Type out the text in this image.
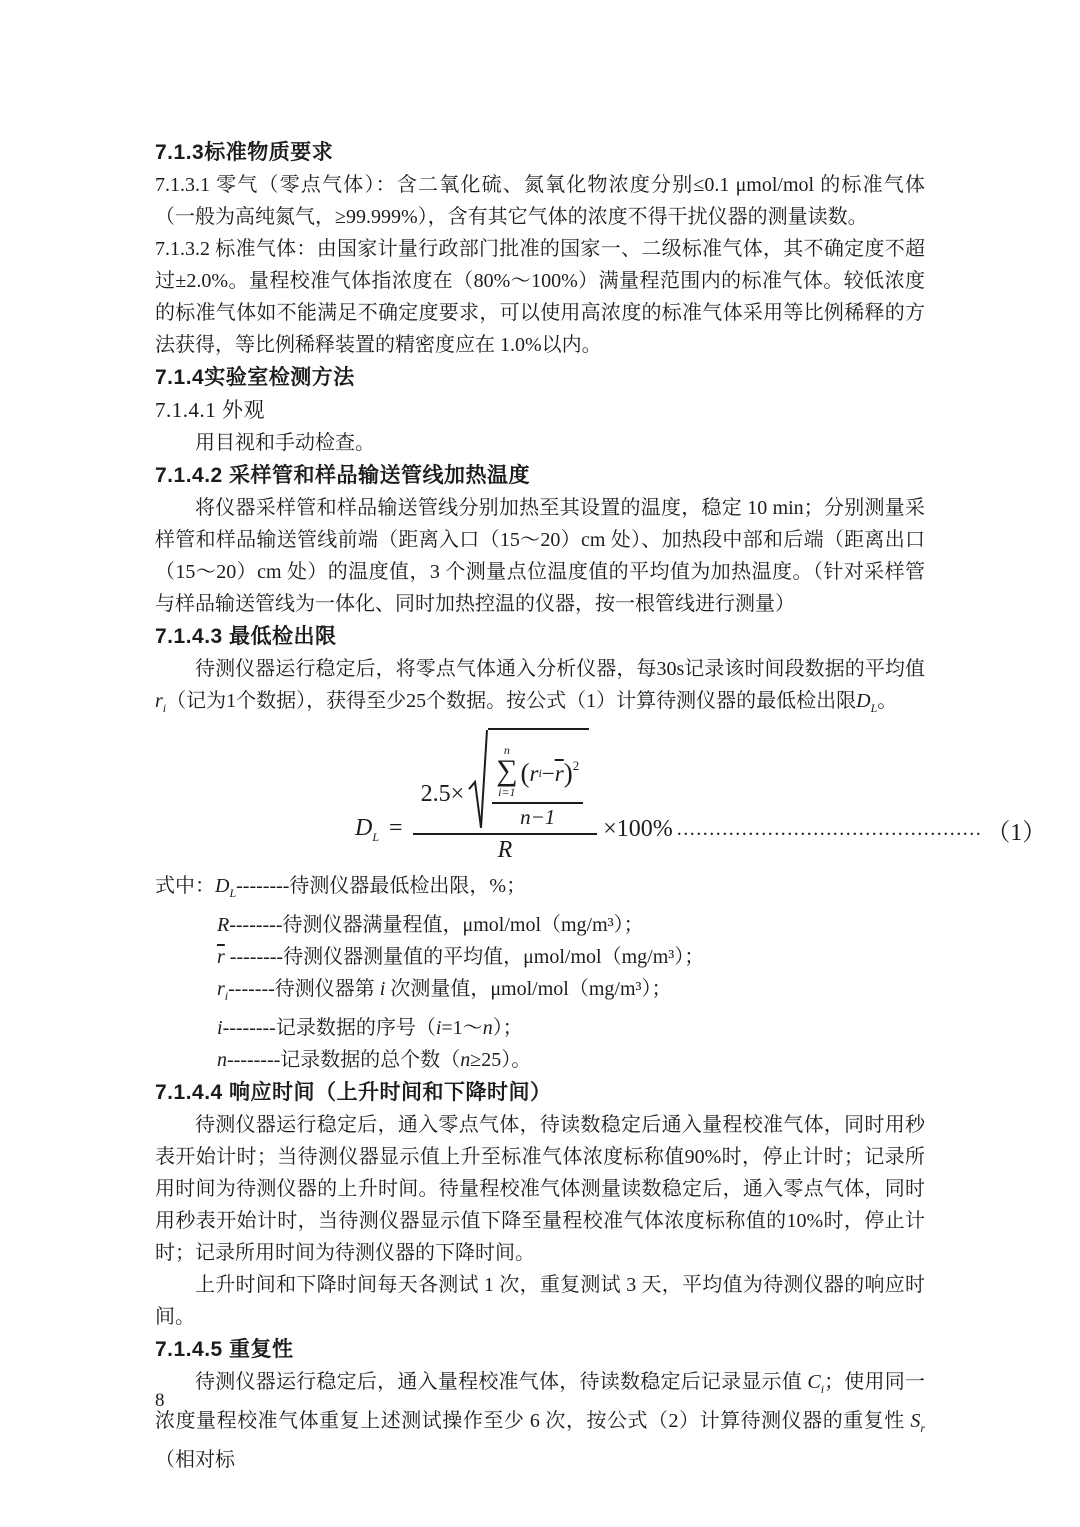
7.1.3标准物质要求

7.1.3.1 零气（零点气体）：含二氧化硫、氮氧化物浓度分别≤0.1 μmol/mol 的标准气体（一般为高纯氮气，≥99.999%），含有其它气体的浓度不得干扰仪器的测量读数。

7.1.3.2 标准气体：由国家计量行政部门批准的国家一、二级标准气体，其不确定度不超过±2.0%。量程校准气体指浓度在（80%～100%）满量程范围内的标准气体。较低浓度的标准气体如不能满足不确定度要求，可以使用高浓度的标准气体采用等比例稀释的方法获得，等比例稀释装置的精密度应在 1.0%以内。

7.1.4实验室检测方法
7.1.4.1 外观

用目视和手动检查。

7.1.4.2 采样管和样品输送管线加热温度

将仪器采样管和样品输送管线分别加热至其设置的温度，稳定 10 min；分别测量采样管和样品输送管线前端（距离入口（15～20）cm 处）、加热段中部和后端（距离出口（15～20）cm 处）的温度值，3 个测量点位温度值的平均值为加热温度。（针对采样管与样品输送管线为一体化、同时加热控温的仪器，按一根管线进行测量）

7.1.4.3 最低检出限

待测仪器运行稳定后，将零点气体通入分析仪器，每30s记录该时间段数据的平均值$r_i$（记为1个数据），获得至少25个数据。按公式（1）计算待测仪器的最低检出限$D_L$。

$D_L$ =
2.5×
n
∑
i=1
( r $i - \overline{r}$ )$^2$
n−1
R
×100% ............................................... （1）
式中：$D_L--------$待测仪器最低检出限，%；
R--------待测仪器满量程值，μmol/mol（mg/m³）；
$\overline{r}$ --------待测仪器测量值的平均值，μmol/mol（mg/m³）；
$r_i-------$待测仪器第 i 次测量值，μmol/mol（mg/m³）；
i--------记录数据的序号（i=1～n）；
n--------记录数据的总个数（n≥25）。
7.1.4.4 响应时间（上升时间和下降时间）

待测仪器运行稳定后，通入零点气体，待读数稳定后通入量程校准气体，同时用秒表开始计时；当待测仪器显示值上升至标准气体浓度标称值90%时，停止计时；记录所用时间为待测仪器的上升时间。待量程校准气体测量读数稳定后，通入零点气体，同时用秒表开始计时，当待测仪器显示值下降至量程校准气体浓度标称值的10%时，停止计时；记录所用时间为待测仪器的下降时间。

上升时间和下降时间每天各测试 1 次，重复测试 3 天，平均值为待测仪器的响应时间。

7.1.4.5 重复性

待测仪器运行稳定后，通入量程校准气体，待读数稳定后记录显示值 $C_i$；使用同一浓度量程校准气体重复上述测试操作至少 6 次，按公式（2）计算待测仪器的重复性 $S_r$（相对标

8
